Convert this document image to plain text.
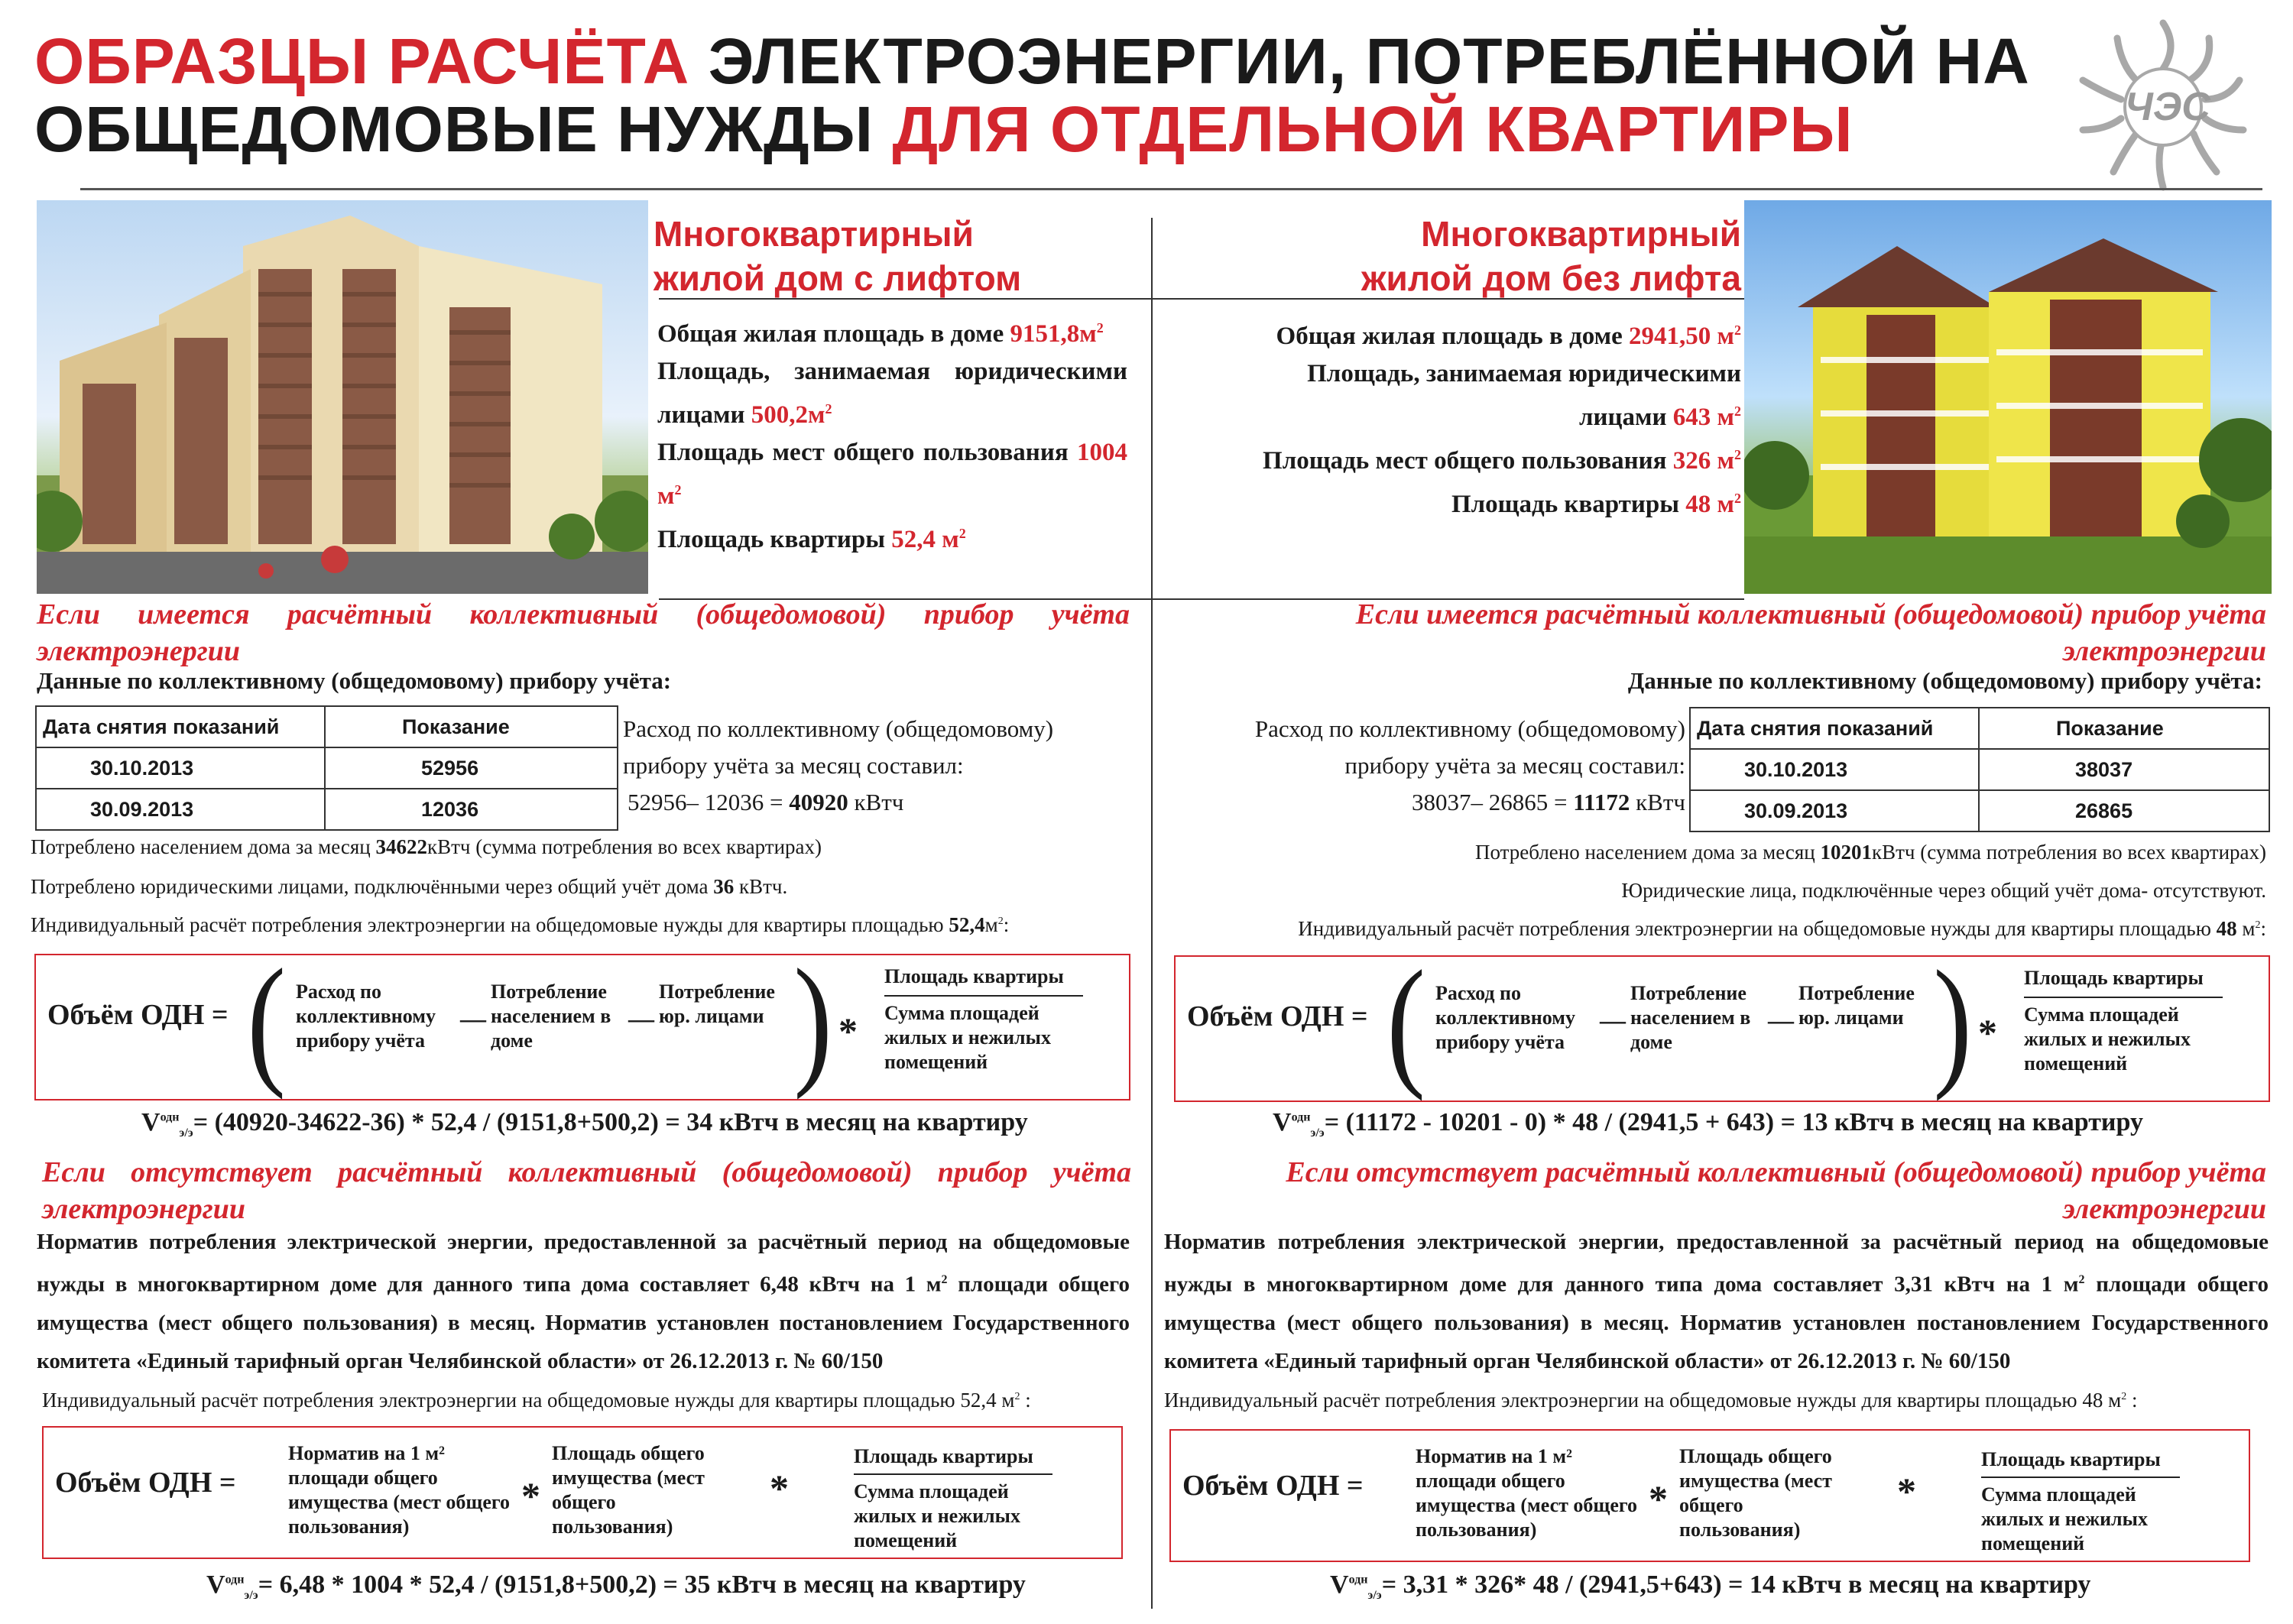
ОБРАЗЦЫ РАСЧЁТА ЭЛЕКТРОЭНЕРГИИ, ПОТРЕБЛЁННОЙ НА
ОБЩЕДОМОВЫЕ НУЖДЫ ДЛЯ ОТДЕЛЬНОЙ КВАРТИРЫ	ЧЭС
Многоквартирный
жилой дом с лифтом

Общая жилая площадь в доме $9151,8м^2$

Площадь, занимаемая юридическими лицами $500,2м^2$

Площадь мест общего пользования 1004 $м^2$

Площадь квартиры 52,4 $м^2$

Многоквартирный
жилой дом без лифта

Общая жилая площадь в доме 2941,50 $м^2$

Площадь, занимаемая юридическими

лицами 643 $м^2$

Площадь мест общего пользования 326 $м^2$

Площадь квартиры 48 $м^2$

Если имеется расчётный коллективный (общедомовой) прибор учёта электроэнергии
Данные по коллективному (общедомовому) прибору учёта:
Дата снятия показаний	Показание
30.10.2013	52956
30.09.2013	12036
Расход по коллективному (общедомовому)
прибору учёта за месяц составил:
52956– 12036 = 40920 кВтч
Потреблено населением дома за месяц 34622кВтч (сумма потребления во всех квартирах)
Потреблено юридическими лицами, подключёнными через общий учёт дома 36 кВтч.
Индивидуальный расчёт потребления электроэнергии на общедомовые нужды для квартиры площадью $52,4м^2$:
Объём ОДН = ( Расход по коллективному прибору учёта
—
Потребление населением в доме
—
Потребление юр. лицами ) *
Площадь квартиры
Сумма площадей жилых и нежилых помещений
$V^{одн}_{э/э}= (40920-34622-36) * 52,4 / (9151,8+500,2) = 34$ кВтч в месяц на квартиру
Если отсутствует расчётный коллективный (общедомовой) прибор учёта электроэнергии
Норматив потребления электрической энергии, предоставленной за расчётный период на общедомовые нужды в многоквартирном доме для данного типа дома составляет 6,48 кВтч на 1 $м^2$ площади общего имущества (мест общего пользования) в месяц. Норматив установлен постановлением Государственного комитета «Единый тарифный орган Челябинской области» от 26.12.2013 г. № 60/150
Индивидуальный расчёт потребления электроэнергии на общедомовые нужды для квартиры площадью 52,4 $м^2$ :
Объём ОДН =
Норматив на 1 м² площади общего имущества (мест общего пользования)
*
Площадь общего имущества (мест общего пользования)
*
Площадь квартиры
Сумма площадей жилых и нежилых помещений
$V^{одн}_{э/э}= 6,48 * 1004 * 52,4 / (9151,8+500,2) = 35$ кВтч в месяц на квартиру
Если имеется расчётный коллективный (общедомовой) прибор учёта электроэнергии
Данные по коллективному (общедомовому) прибору учёта:
Расход по коллективному (общедомовому)
прибору учёта за месяц составил:
38037– 26865 = 11172 кВтч
Дата снятия показаний	Показание
30.10.2013	38037
30.09.2013	26865
Потреблено населением дома за месяц 10201кВтч (сумма потребления во всех квартирах)
Юридические лица, подключённые через общий учёт дома- отсутствуют.
Индивидуальный расчёт потребления электроэнергии на общедомовые нужды для квартиры площадью 48 $м^2$:
Объём ОДН = ( Расход по коллективному прибору учёта
—
Потребление населением в доме
—
Потребление юр. лицами ) *
Площадь квартиры
Сумма площадей жилых и нежилых помещений
$V^{одн}_{э/э}= (11172 - 10201 - 0) * 48 / (2941,5 + 643) = 13$ кВтч в месяц на квартиру
Если отсутствует расчётный коллективный (общедомовой) прибор учёта электроэнергии
Норматив потребления электрической энергии, предоставленной за расчётный период на общедомовые нужды в многоквартирном доме для данного типа дома составляет 3,31 кВтч на 1 $м^2$ площади общего имущества (мест общего пользования) в месяц. Норматив установлен постановлением Государственного комитета «Единый тарифный орган Челябинской области» от 26.12.2013 г. № 60/150
Индивидуальный расчёт потребления электроэнергии на общедомовые нужды для квартиры площадью 48 $м^2$ :
Объём ОДН =
Норматив на 1 м² площади общего имущества (мест общего пользования)
*
Площадь общего имущества (мест общего пользования)
*
Площадь квартиры
Сумма площадей жилых и нежилых помещений
$V^{одн}_{э/э}= 3,31 * 326*$ 48 / (2941,5+643) = 14 кВтч в месяц на квартиру
